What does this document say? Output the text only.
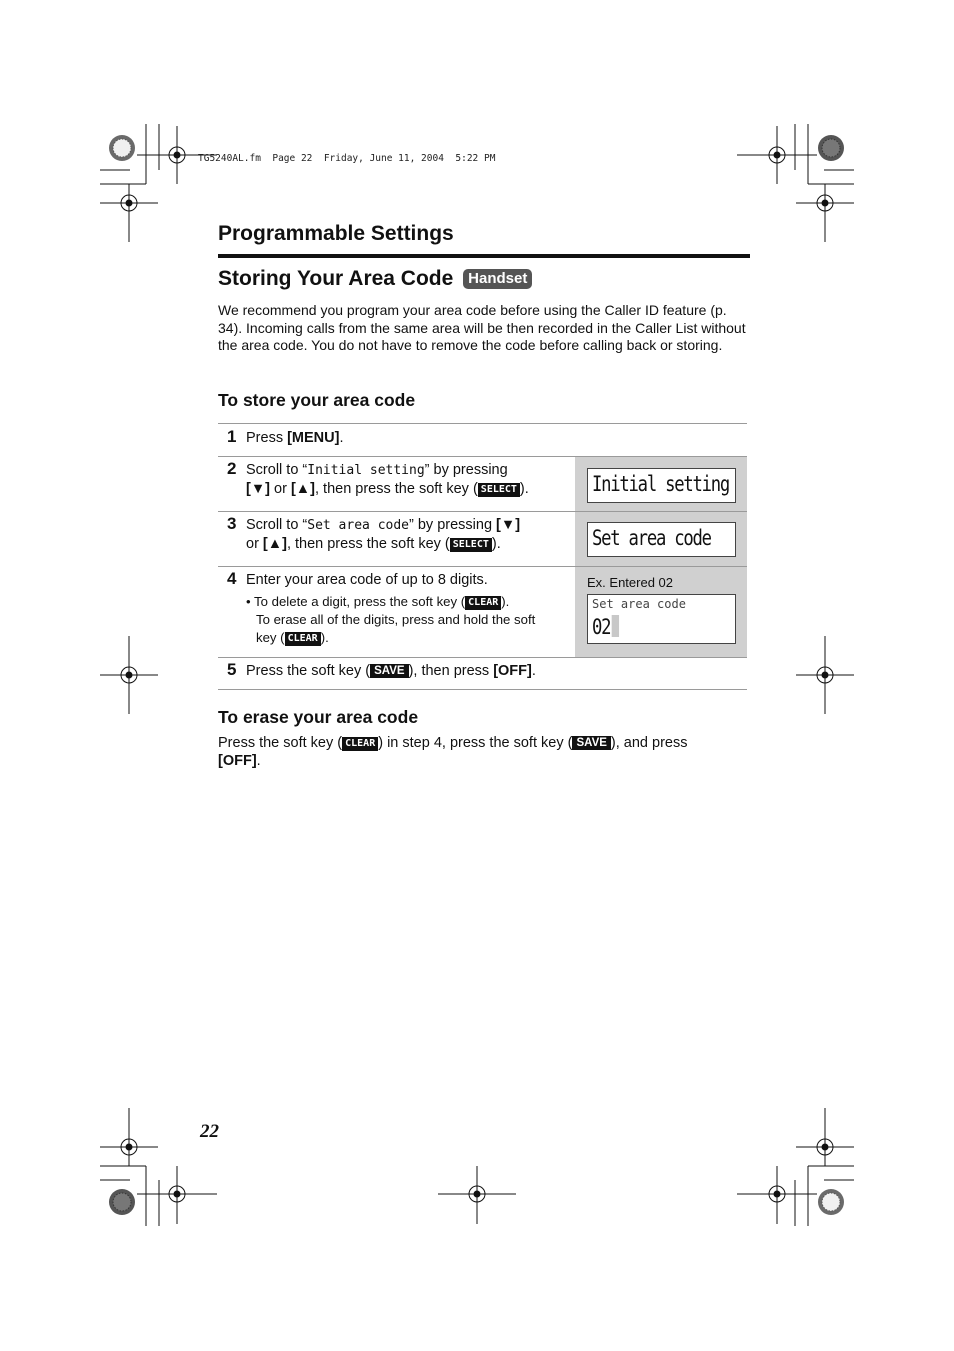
TG5240AL.fm  Page 22  Friday, June 11, 2004  5:22 PM
Programmable Settings
Storing Your Area Code Handset
We recommend you program your area code before using the Caller ID feature (p. 34). Incoming calls from the same area will be then recorded in the Caller List without the area code. You do not have to remove the code before calling back or storing.
To store your area code
1 Press [MENU].
2 Scroll to “Initial setting” by pressing
[▼] or [▲], then press the soft key ( SELECT ).	Initial setting
3 Scroll to “Set area code” by pressing [▼]
or [▲], then press the soft key ( SELECT ).	Set area code
4 Enter your area code of up to 8 digits.
• To delete a digit, press the soft key ( CLEAR ).
To erase all of the digits, press and hold the soft
key ( CLEAR ).
Ex. Entered 02
Set area code
02
5 Press the soft key ( SAVE ), then press [OFF].
To erase your area code
Press the soft key ( CLEAR ) in step 4, press the soft key ( SAVE ), and press
[OFF].
22
